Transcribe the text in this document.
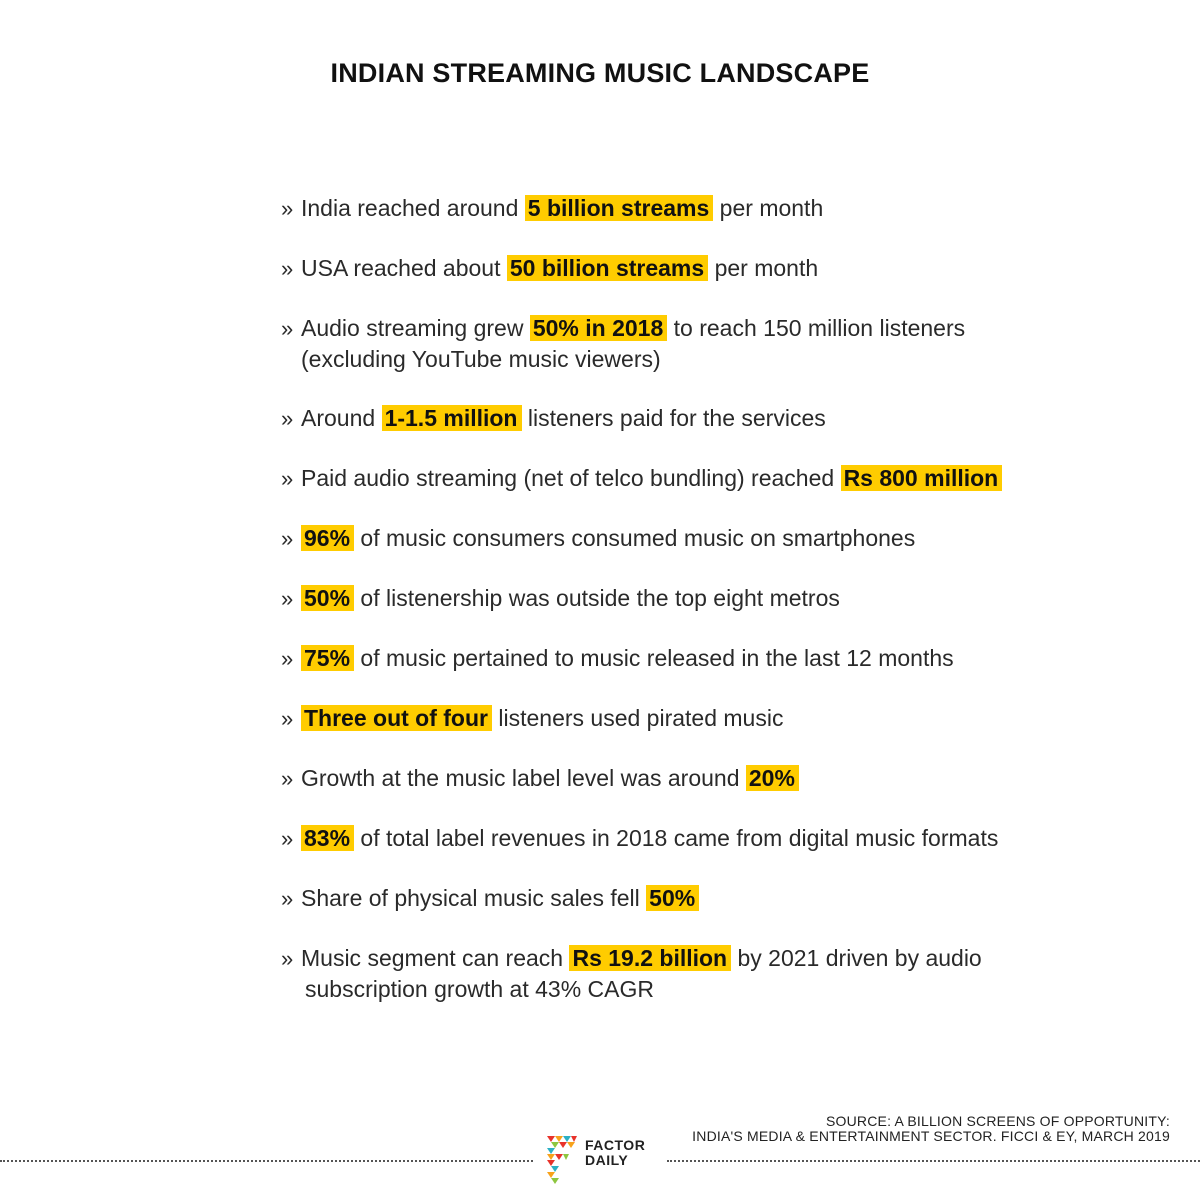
INDIAN STREAMING MUSIC LANDSCAPE
» India reached around 5 billion streams per month
» USA reached about 50 billion streams per month
» Audio streaming grew 50% in 2018 to reach 150 million listeners
(excluding YouTube music viewers)
» Around 1-1.5 million listeners paid for the services
» Paid audio streaming (net of telco bundling) reached Rs 800 million
» 96% of music consumers consumed music on smartphones
» 50% of listenership was outside the top eight metros
» 75% of music pertained to music released in the last 12 months
» Three out of four listeners used pirated music
» Growth at the music label level was around 20%
» 83% of total label revenues in 2018 came from digital music formats
» Share of physical music sales fell 50%
» Music segment can reach Rs 19.2 billion by 2021 driven by audio
subscription growth at 43% CAGR
SOURCE: A BILLION SCREENS OF OPPORTUNITY:
INDIA'S MEDIA & ENTERTAINMENT SECTOR. FICCI & EY, MARCH 2019
FACTOR
DAILY
